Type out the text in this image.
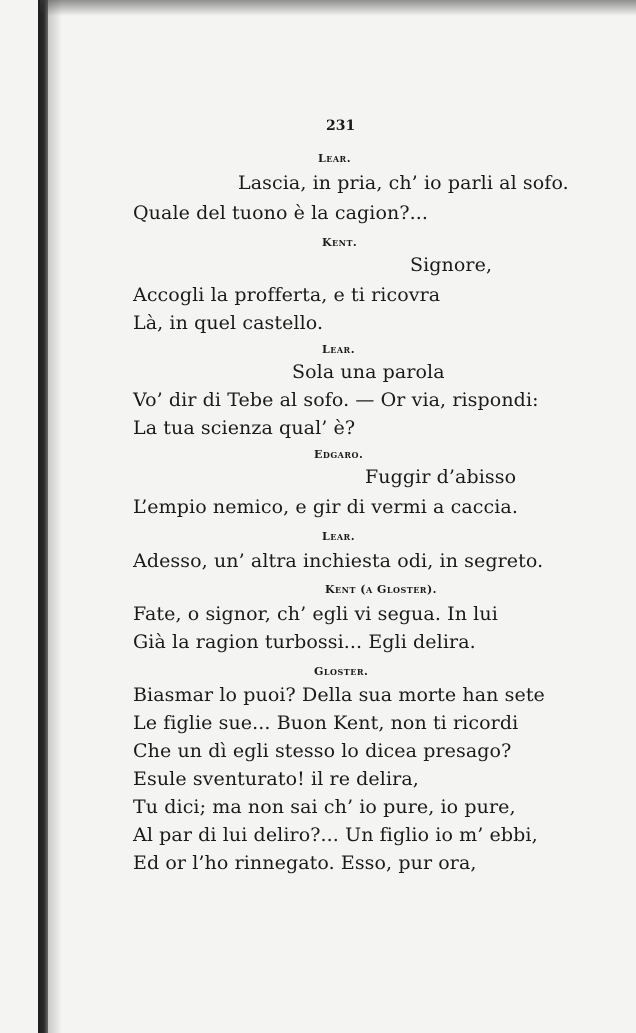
231
Lear.
Lascia, in pria, ch’ io parli al sofo.
Quale del tuono è la cagion?...
Kent.
Signore,
Accogli la profferta, e ti ricovra
Là, in quel castello.
Lear.
Sola una parola
Vo’ dir di Tebe al sofo. — Or via, rispondi:
La tua scienza qual’ è?
Edgaro.
Fuggir d’abisso
L’empio nemico, e gir di vermi a caccia.
Lear.
Adesso, un’ altra inchiesta odi, in segreto.
Kent (a Gloster).
Fate, o signor, ch’ egli vi segua. In lui
Già la ragion turbossi... Egli delira.
Gloster.
Biasmar lo puoi? Della sua morte han sete
Le figlie sue... Buon Kent, non ti ricordi
Che un dì egli stesso lo dicea presago?
Esule sventurato! il re delira,
Tu dici; ma non sai ch’ io pure, io pure,
Al par di lui deliro?... Un figlio io m’ ebbi,
Ed or l’ho rinnegato. Esso, pur ora,
